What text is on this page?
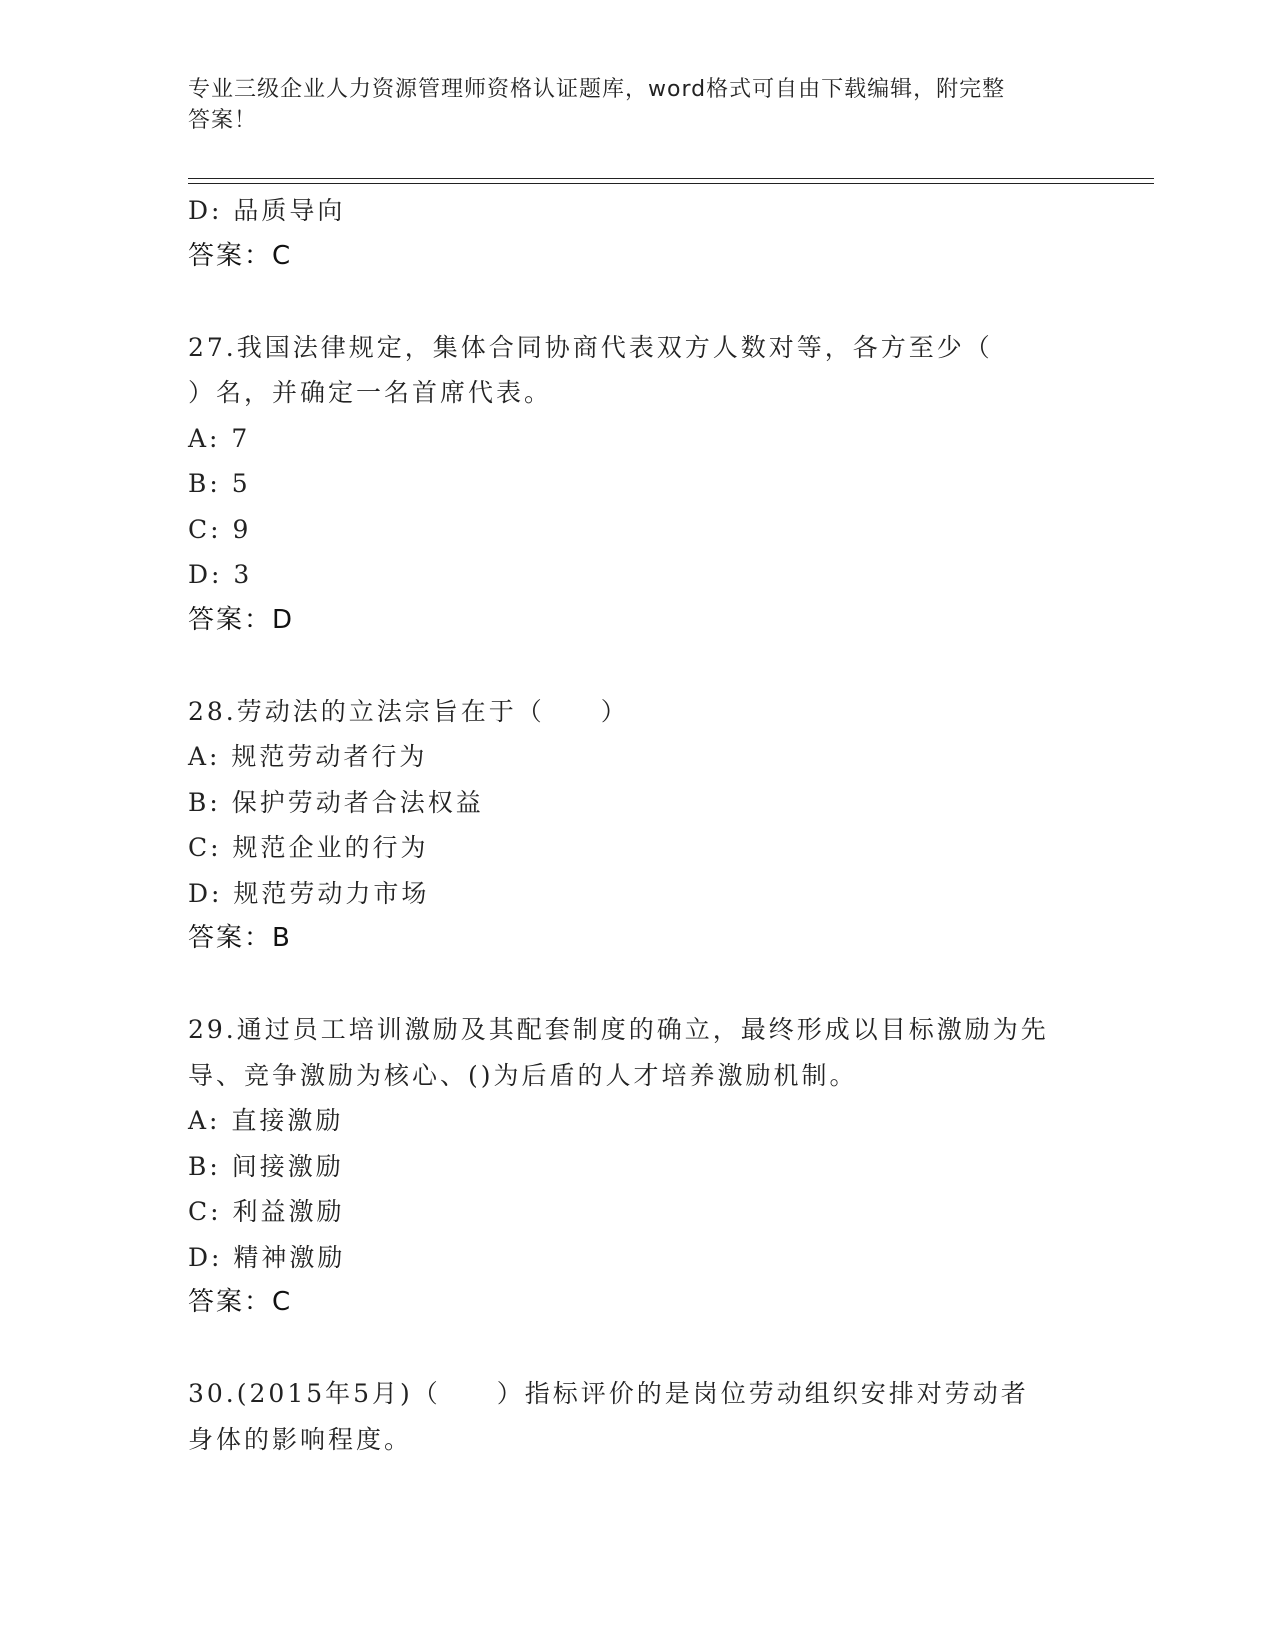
专业三级企业人力资源管理师资格认证题库，word格式可自由下载编辑，附完整
答案！
D: 品质导向
答案：C
27.我国法律规定，集体合同协商代表双方人数对等，各方至少（
）名，并确定一名首席代表。
A: 7
B: 5
C: 9
D: 3
答案：D
28.劳动法的立法宗旨在于（　　）
A: 规范劳动者行为
B: 保护劳动者合法权益
C: 规范企业的行为
D: 规范劳动力市场
答案：B
29.通过员工培训激励及其配套制度的确立，最终形成以目标激励为先
导、竞争激励为核心、()为后盾的人才培养激励机制。
A: 直接激励
B: 间接激励
C: 利益激励
D: 精神激励
答案：C
30.(2015年5月)（　　）指标评价的是岗位劳动组织安排对劳动者
身体的影响程度。
